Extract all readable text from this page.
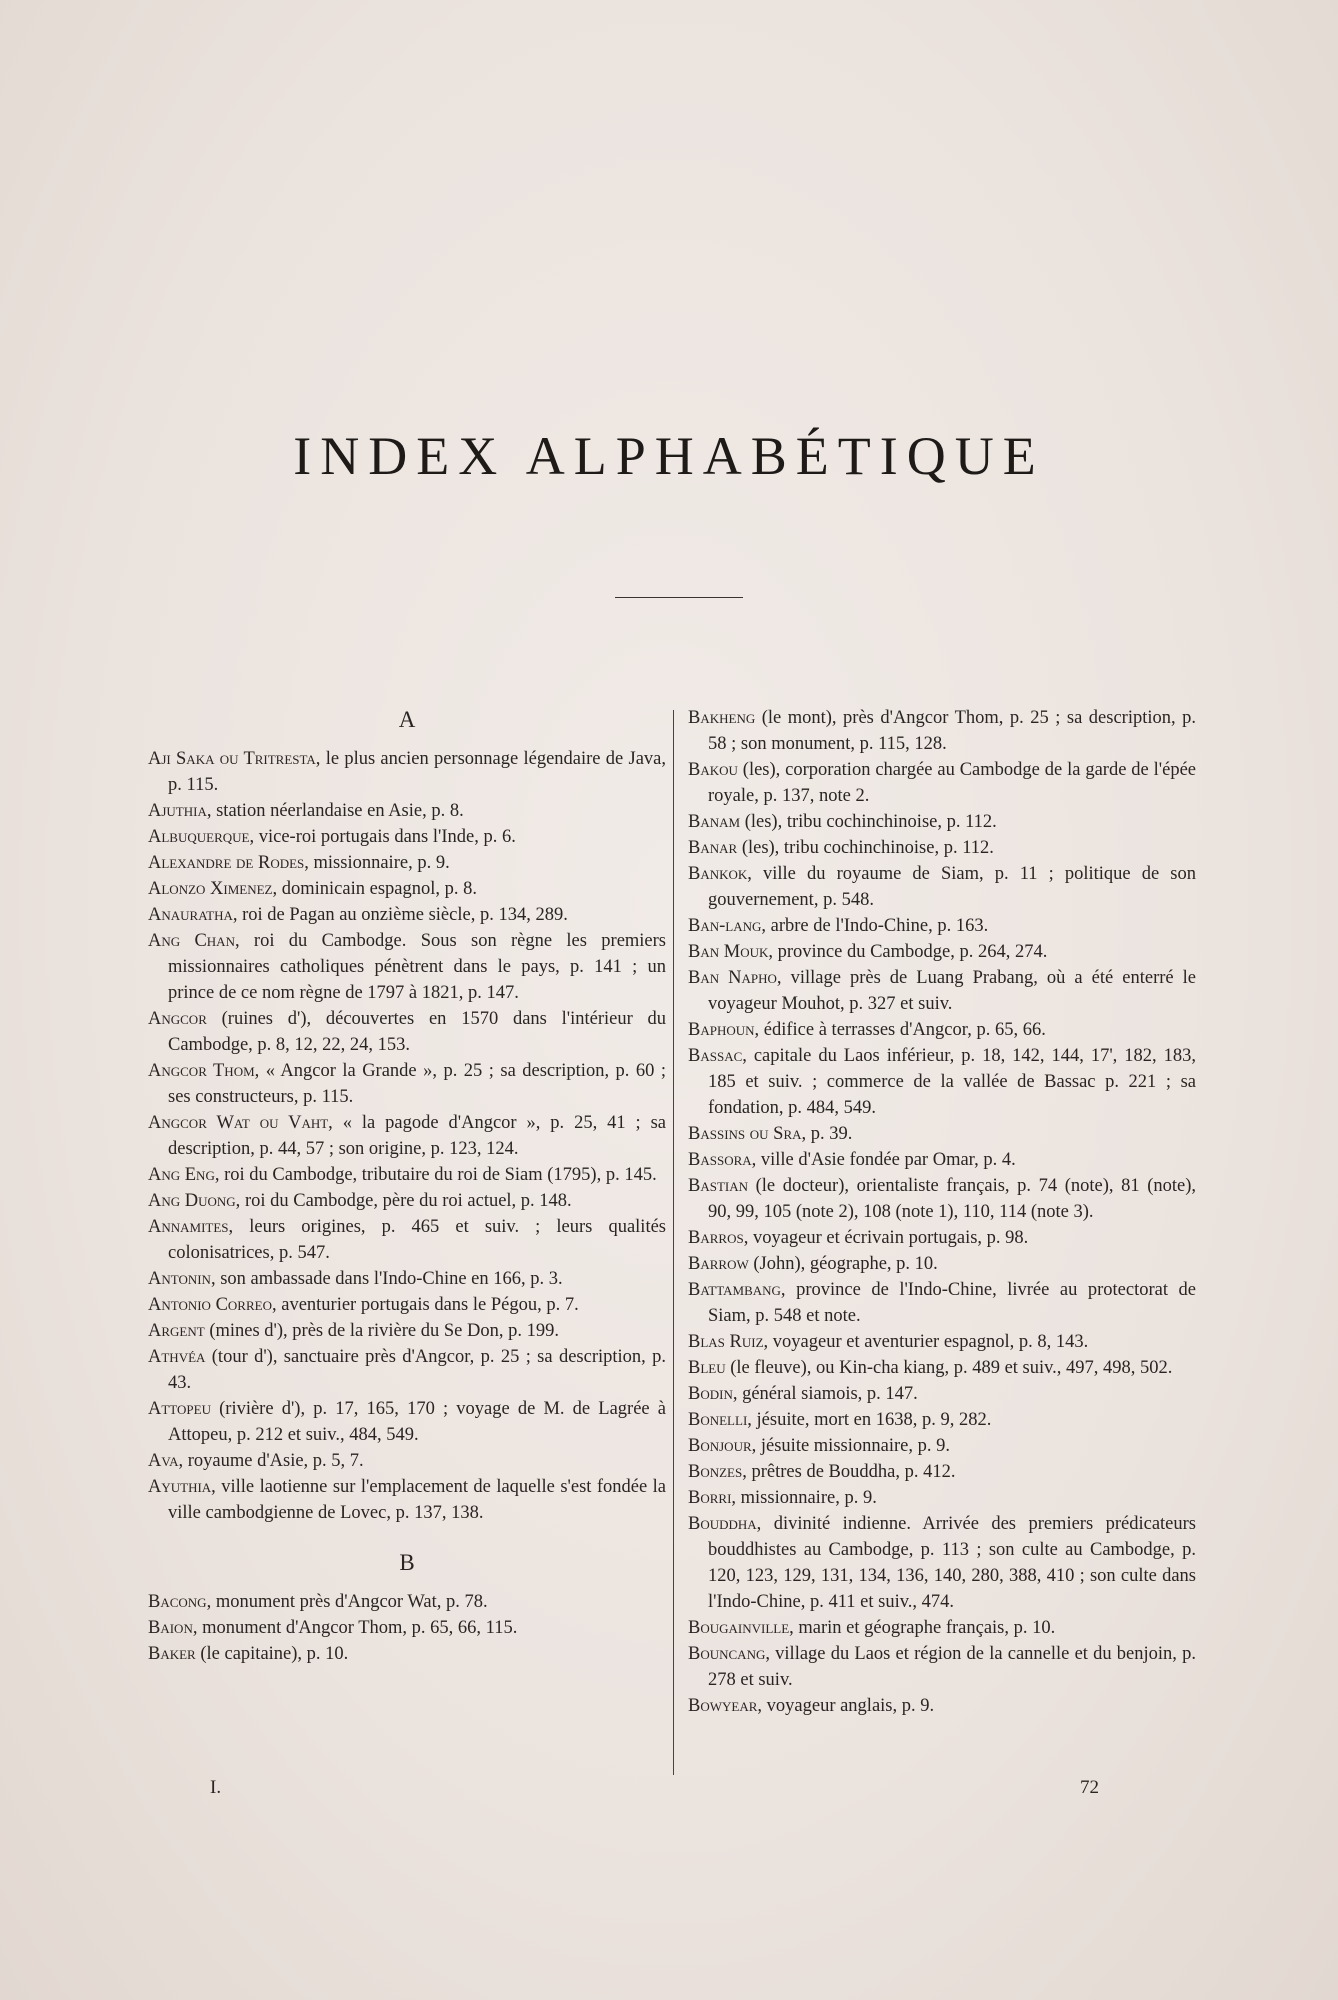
INDEX ALPHABÉTIQUE
A

Aji Saka ou Tritresta, le plus ancien personnage légendaire de Java, p. 115.

Ajuthia, station néerlandaise en Asie, p. 8.

Albuquerque, vice-roi portugais dans l'Inde, p. 6.

Alexandre de Rodes, missionnaire, p. 9.

Alonzo Ximenez, dominicain espagnol, p. 8.

Anauratha, roi de Pagan au onzième siècle, p. 134, 289.

Ang Chan, roi du Cambodge. Sous son règne les premiers missionnaires catholiques pénètrent dans le pays, p. 141 ; un prince de ce nom règne de 1797 à 1821, p. 147.

Angcor (ruines d'), découvertes en 1570 dans l'intérieur du Cambodge, p. 8, 12, 22, 24, 153.

Angcor Thom, « Angcor la Grande », p. 25 ; sa description, p. 60 ; ses constructeurs, p. 115.

Angcor Wat ou Vaht, « la pagode d'Angcor », p. 25, 41 ; sa description, p. 44, 57 ; son origine, p. 123, 124.

Ang Eng, roi du Cambodge, tributaire du roi de Siam (1795), p. 145.

Ang Duong, roi du Cambodge, père du roi actuel, p. 148.

Annamites, leurs origines, p. 465 et suiv. ; leurs qualités colonisatrices, p. 547.

Antonin, son ambassade dans l'Indo-Chine en 166, p. 3.

Antonio Correo, aventurier portugais dans le Pégou, p. 7.

Argent (mines d'), près de la rivière du Se Don, p. 199.

Athvéa (tour d'), sanctuaire près d'Angcor, p. 25 ; sa description, p. 43.

Attopeu (rivière d'), p. 17, 165, 170 ; voyage de M. de Lagrée à Attopeu, p. 212 et suiv., 484, 549.

Ava, royaume d'Asie, p. 5, 7.

Ayuthia, ville laotienne sur l'emplacement de laquelle s'est fondée la ville cambodgienne de Lovec, p. 137, 138.

B

Bacong, monument près d'Angcor Wat, p. 78.

Baion, monument d'Angcor Thom, p. 65, 66, 115.

Baker (le capitaine), p. 10.

Bakheng (le mont), près d'Angcor Thom, p. 25 ; sa description, p. 58 ; son monument, p. 115, 128.

Bakou (les), corporation chargée au Cambodge de la garde de l'épée royale, p. 137, note 2.

Banam (les), tribu cochinchinoise, p. 112.

Banar (les), tribu cochinchinoise, p. 112.

Bankok, ville du royaume de Siam, p. 11 ; politique de son gouvernement, p. 548.

Ban-lang, arbre de l'Indo-Chine, p. 163.

Ban Mouk, province du Cambodge, p. 264, 274.

Ban Napho, village près de Luang Prabang, où a été enterré le voyageur Mouhot, p. 327 et suiv.

Baphoun, édifice à terrasses d'Angcor, p. 65, 66.

Bassac, capitale du Laos inférieur, p. 18, 142, 144, 17', 182, 183, 185 et suiv. ; commerce de la vallée de Bassac p. 221 ; sa fondation, p. 484, 549.

Bassins ou Sra, p. 39.

Bassora, ville d'Asie fondée par Omar, p. 4.

Bastian (le docteur), orientaliste français, p. 74 (note), 81 (note), 90, 99, 105 (note 2), 108 (note 1), 110, 114 (note 3).

Barros, voyageur et écrivain portugais, p. 98.

Barrow (John), géographe, p. 10.

Battambang, province de l'Indo-Chine, livrée au protectorat de Siam, p. 548 et note.

Blas Ruiz, voyageur et aventurier espagnol, p. 8, 143.

Bleu (le fleuve), ou Kin-cha kiang, p. 489 et suiv., 497, 498, 502.

Bodin, général siamois, p. 147.

Bonelli, jésuite, mort en 1638, p. 9, 282.

Bonjour, jésuite missionnaire, p. 9.

Bonzes, prêtres de Bouddha, p. 412.

Borri, missionnaire, p. 9.

Bouddha, divinité indienne. Arrivée des premiers prédicateurs bouddhistes au Cambodge, p. 113 ; son culte au Cambodge, p. 120, 123, 129, 131, 134, 136, 140, 280, 388, 410 ; son culte dans l'Indo-Chine, p. 411 et suiv., 474.

Bougainville, marin et géographe français, p. 10.

Bouncang, village du Laos et région de la cannelle et du benjoin, p. 278 et suiv.

Bowyear, voyageur anglais, p. 9.

I.	72
